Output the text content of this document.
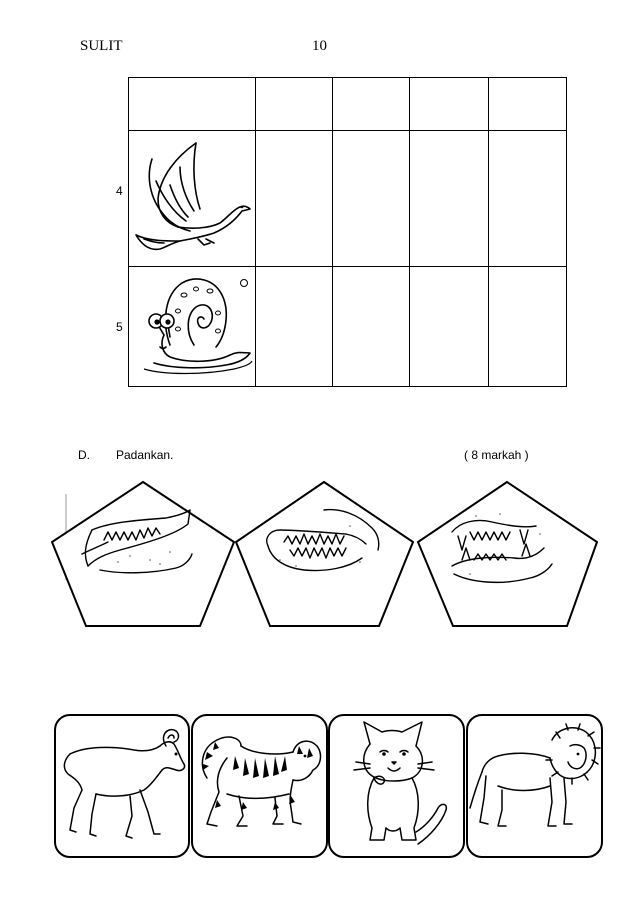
SULIT	10
4
5
D. Padankan.	( 8 markah )
